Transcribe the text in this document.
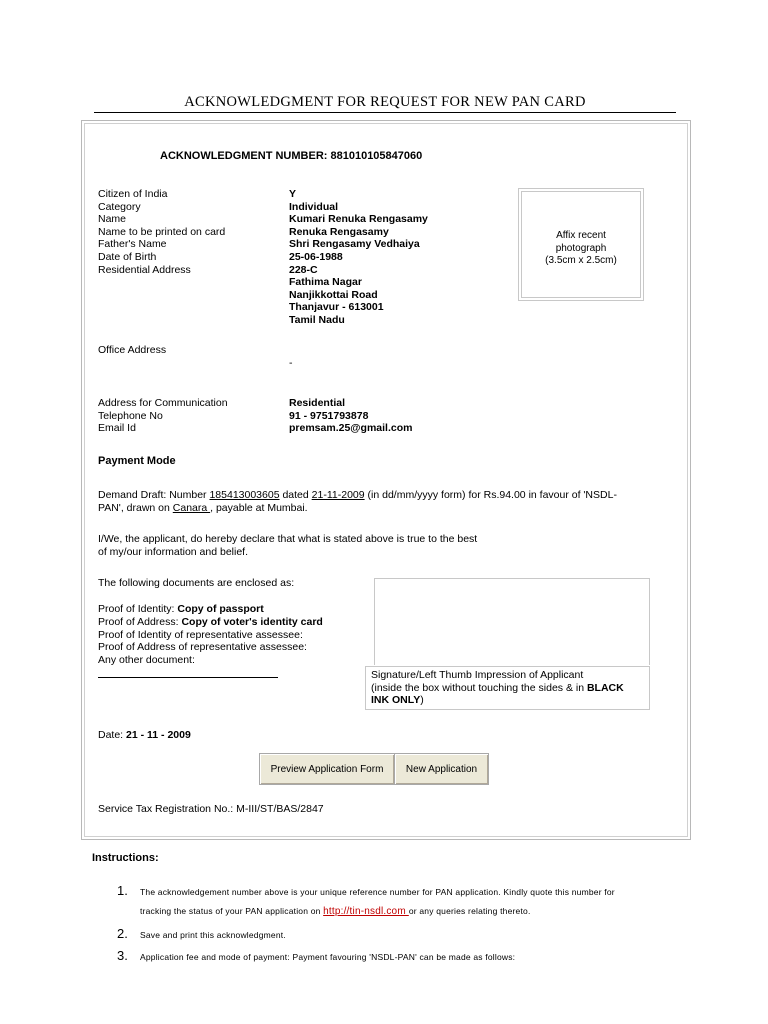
ACKNOWLEDGMENT FOR REQUEST FOR NEW PAN CARD
ACKNOWLEDGMENT NUMBER: 881010105847060
Citizen of India
Category
Name
Name to be printed on card
Father's Name
Date of Birth
Residential Address
Y
Individual
Kumari Renuka Rengasamy
Renuka Rengasamy
Shri Rengasamy Vedhaiya
25-06-1988
228-C
Fathima Nagar
Nanjikkottai Road
Thanjavur - 613001
Tamil Nadu
Affix recent
photograph
(3.5cm x 2.5cm)
Office Address
-
Address for Communication
Telephone No
Email Id
Residential
91 - 9751793878
premsam.25@gmail.com
Payment Mode
Demand Draft: Number 185413003605 dated 21-11-2009 (in dd/mm/yyyy form) for Rs.94.00 in favour of 'NSDL-
PAN', drawn on Canara , payable at Mumbai.
I/We, the applicant, do hereby declare that what is stated above is true to the best
of my/our information and belief.
The following documents are enclosed as:
Proof of Identity: Copy of passport
Proof of Address: Copy of voter's identity card
Proof of Identity of representative assessee:
Proof of Address of representative assessee:
Any other document:
Signature/Left Thumb Impression of Applicant
(inside the box without touching the sides & in BLACK
INK ONLY)
Date: 21 - 11 - 2009
Preview Application Form	New Application
Service Tax Registration No.: M-III/ST/BAS/2847
Instructions:
1. The acknowledgement number above is your unique reference number for PAN application. Kindly quote this number for
tracking the status of your PAN application on http://tin-nsdl.com or any queries relating thereto.
2. Save and print this acknowledgment.
3. Application fee and mode of payment: Payment favouring 'NSDL-PAN' can be made as follows:
